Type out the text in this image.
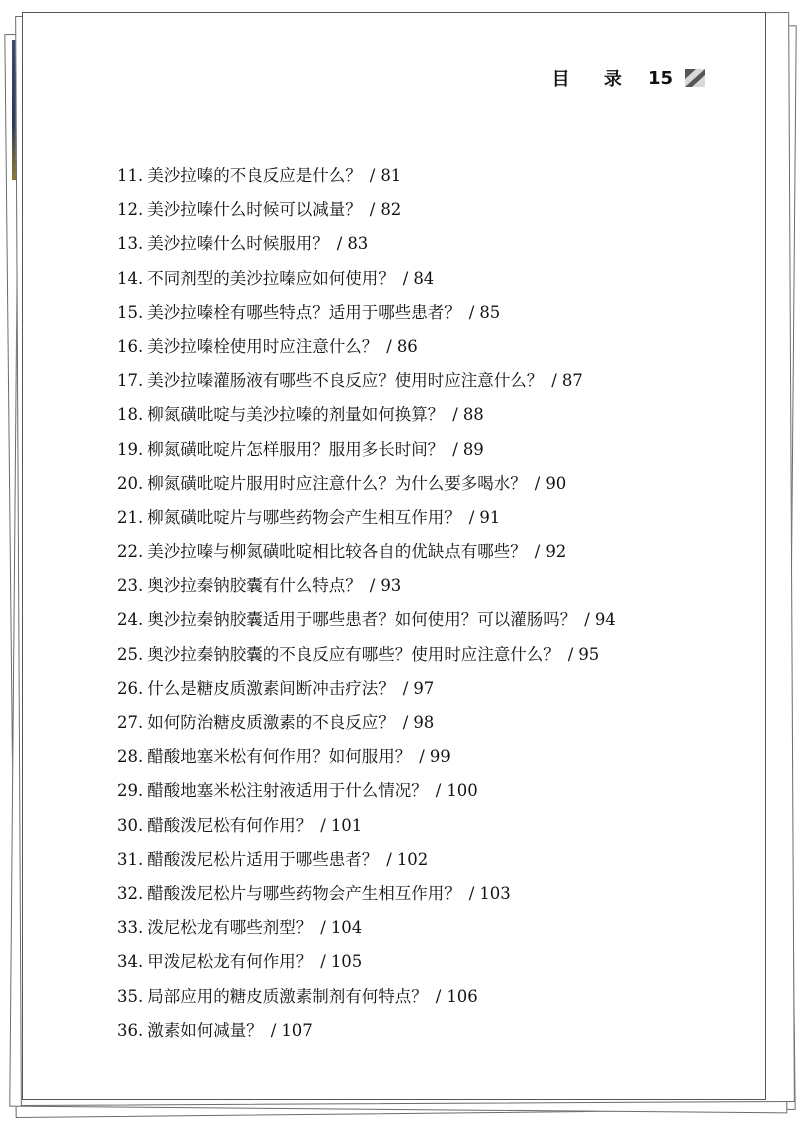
目 录 15
11. 美沙拉嗪的不良反应是什么？ / 81
12. 美沙拉嗪什么时候可以减量？ / 82
13. 美沙拉嗪什么时候服用？ / 83
14. 不同剂型的美沙拉嗪应如何使用？ / 84
15. 美沙拉嗪栓有哪些特点？适用于哪些患者？ / 85
16. 美沙拉嗪栓使用时应注意什么？ / 86
17. 美沙拉嗪灌肠液有哪些不良反应？使用时应注意什么？ / 87
18. 柳氮磺吡啶与美沙拉嗪的剂量如何换算？ / 88
19. 柳氮磺吡啶片怎样服用？服用多长时间？ / 89
20. 柳氮磺吡啶片服用时应注意什么？为什么要多喝水？ / 90
21. 柳氮磺吡啶片与哪些药物会产生相互作用？ / 91
22. 美沙拉嗪与柳氮磺吡啶相比较各自的优缺点有哪些？ / 92
23. 奥沙拉秦钠胶囊有什么特点？ / 93
24. 奥沙拉秦钠胶囊适用于哪些患者？如何使用？可以灌肠吗？ / 94
25. 奥沙拉秦钠胶囊的不良反应有哪些？使用时应注意什么？ / 95
26. 什么是糖皮质激素间断冲击疗法？ / 97
27. 如何防治糖皮质激素的不良反应？ / 98
28. 醋酸地塞米松有何作用？如何服用？ / 99
29. 醋酸地塞米松注射液适用于什么情况？ / 100
30. 醋酸泼尼松有何作用？ / 101
31. 醋酸泼尼松片适用于哪些患者？ / 102
32. 醋酸泼尼松片与哪些药物会产生相互作用？ / 103
33. 泼尼松龙有哪些剂型？ / 104
34. 甲泼尼松龙有何作用？ / 105
35. 局部应用的糖皮质激素制剂有何特点？ / 106
36. 激素如何减量？ / 107
